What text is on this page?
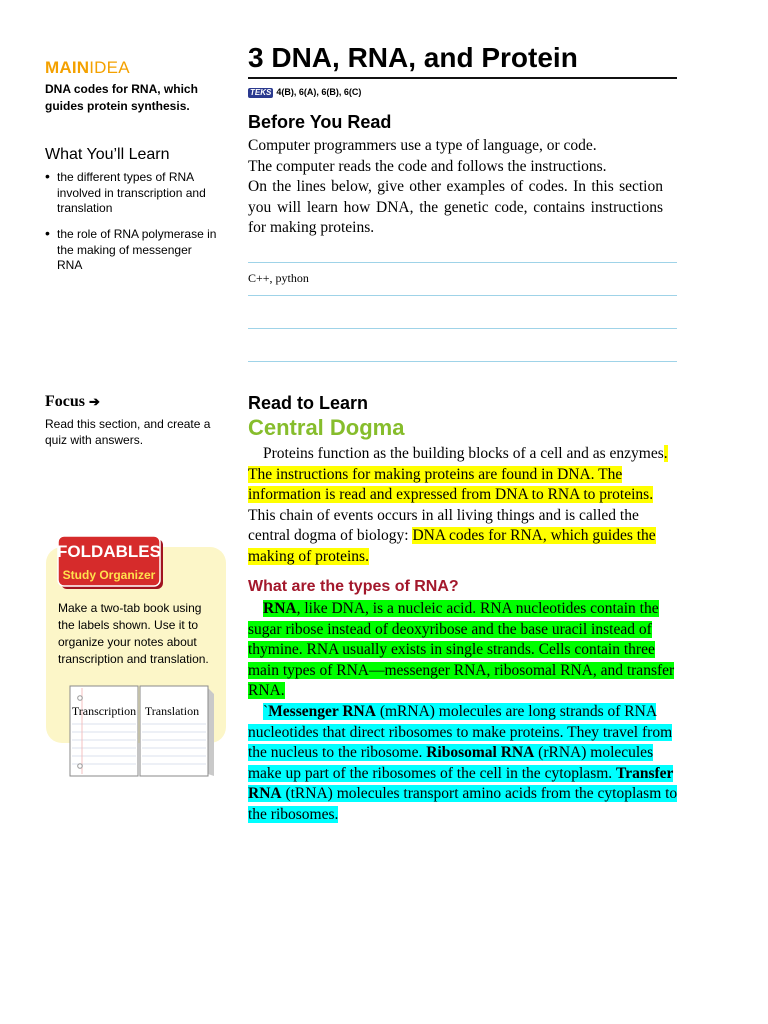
MAINIDEA
DNA codes for RNA, which guides protein synthesis.
What You’ll Learn
• the different types of RNA involved in transcription and translation
• the role of RNA polymerase in the making of messenger RNA
Focus ➔
Read this section, and create a quiz with answers.
FOLDABLES
Study Organizer
Make a two-tab book using the labels shown. Use it to organize your notes about transcription and translation.
Transcription Translation
3 DNA, RNA, and Protein
TEKS 4(B), 6(A), 6(B), 6(C)
Before You Read

Computer programmers use a type of language, or code.

The computer reads the code and follows the instructions.

On the lines below, give other examples of codes. In this section you will learn how DNA, the genetic code, contains instructions for making proteins.

C++, python
Read to Learn
Central Dogma
Proteins function as the building blocks of a cell and as enzymes. The instructions for making proteins are found in DNA. The information is read and expressed from DNA to RNA to proteins. This chain of events occurs in all living things and is called the central dogma of biology: DNA codes for RNA, which guides the making of proteins.
What are the types of RNA?
RNA, like DNA, is a nucleic acid. RNA nucleotides contain the sugar ribose instead of deoxyribose and the base uracil instead of thymine. RNA usually exists in single strands. Cells contain three main types of RNA—messenger RNA, ribosomal RNA, and transfer RNA.
`Messenger RNA (mRNA) molecules are long strands of RNA nucleotides that direct ribosomes to make proteins. They travel from the nucleus to the ribosome. Ribosomal RNA (rRNA) molecules make up part of the ribosomes of the cell in the cytoplasm. Transfer RNA (tRNA) molecules transport amino acids from the cytoplasm to the ribosomes.
